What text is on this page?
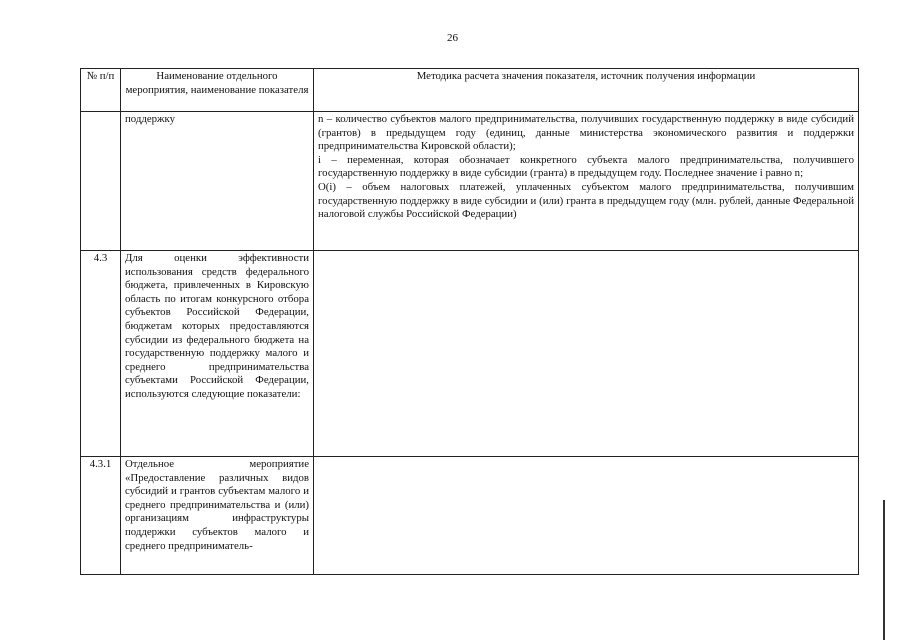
26
№ п/п	Наименование отдельного мероприятия, наименование показателя	Методика расчета значения показателя, источник получения информации
	поддержку	n – количество субъектов малого предпринимательства, получивших государственную поддержку в виде субсидий (грантов) в предыдущем году (единиц, данные министерства экономического развития и поддержки предпринимательства Кировской области);
i – переменная, которая обозначает конкретного субъекта малого предпринимательства, получившего государственную поддержку в виде субсидии (гранта) в предыдущем году. Последнее значение i равно n;
O(i) – объем налоговых платежей, уплаченных субъектом малого предпринимательства, получившим государственную поддержку в виде субсидии и (или) гранта в предыдущем году (млн. рублей, данные Федеральной налоговой службы Российской Федерации)

4.3	Для оценки эффективности использования средств федерального бюджета, привлеченных в Кировскую область по итогам конкурсного отбора субъектов Российской Федерации, бюджетам которых предоставляются субсидии из федерального бюджета на государственную поддержку малого и среднего предпринимательства субъектами Российской Федерации, используются следующие показатели:	
4.3.1	Отдельное мероприятие «Предоставление различных видов субсидий и грантов субъектам малого и среднего предпринимательства и (или) организациям инфраструктуры поддержки субъектов малого и среднего предприниматель-	
